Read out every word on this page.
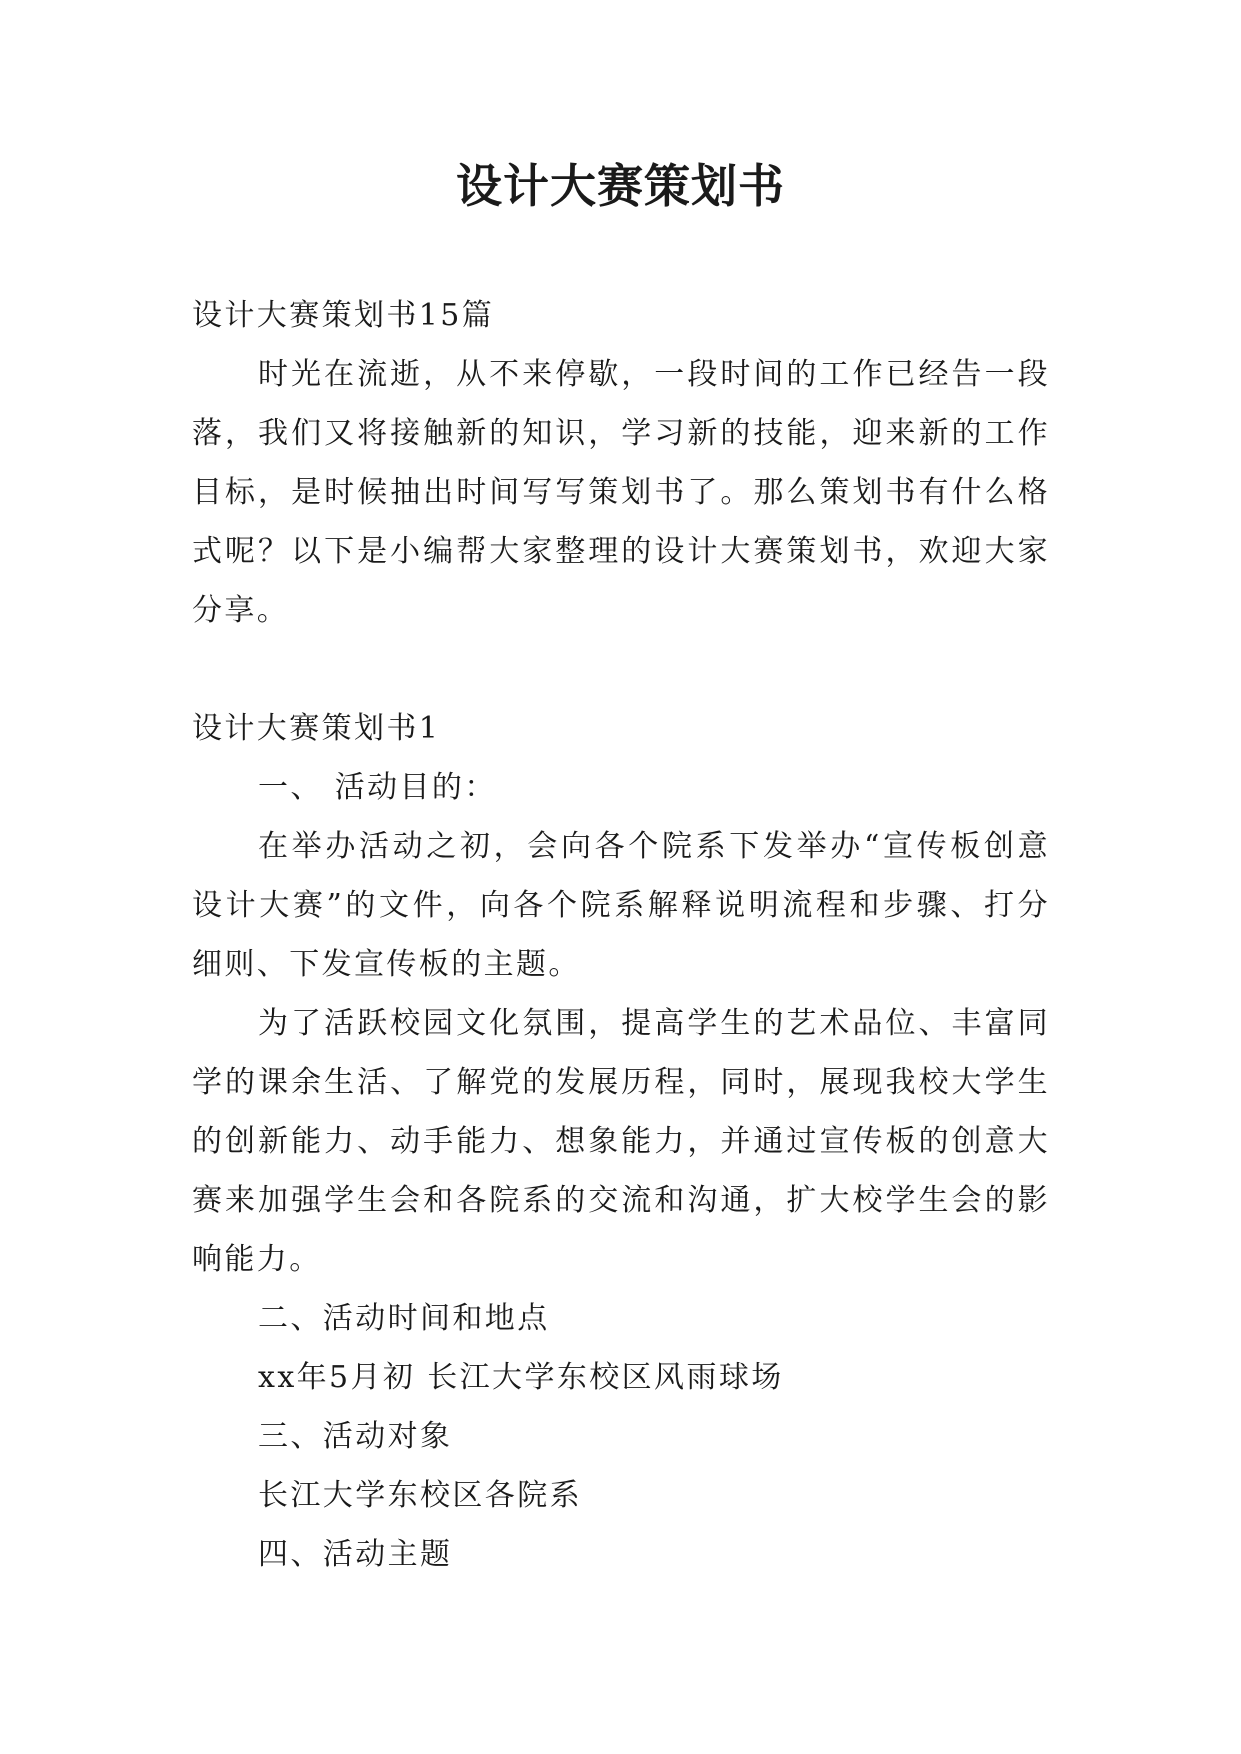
设计大赛策划书

设计大赛策划书15篇

时光在流逝，从不来停歇，一段时间的工作已经告一段落，我们又将接触新的知识，学习新的技能，迎来新的工作目标，是时候抽出时间写写策划书了。那么策划书有什么格式呢？以下是小编帮大家整理的设计大赛策划书，欢迎大家分享。

设计大赛策划书1

一、 活动目的：

在举办活动之初，会向各个院系下发举办“宣传板创意设计大赛”的文件，向各个院系解释说明流程和步骤、打分细则、下发宣传板的主题。

为了活跃校园文化氛围，提高学生的艺术品位、丰富同学的课余生活、了解党的发展历程，同时，展现我校大学生的创新能力、动手能力、想象能力，并通过宣传板的创意大赛来加强学生会和各院系的交流和沟通，扩大校学生会的影响能力。

二、活动时间和地点

xx年5月初 长江大学东校区风雨球场

三、活动对象

长江大学东校区各院系

四、活动主题
